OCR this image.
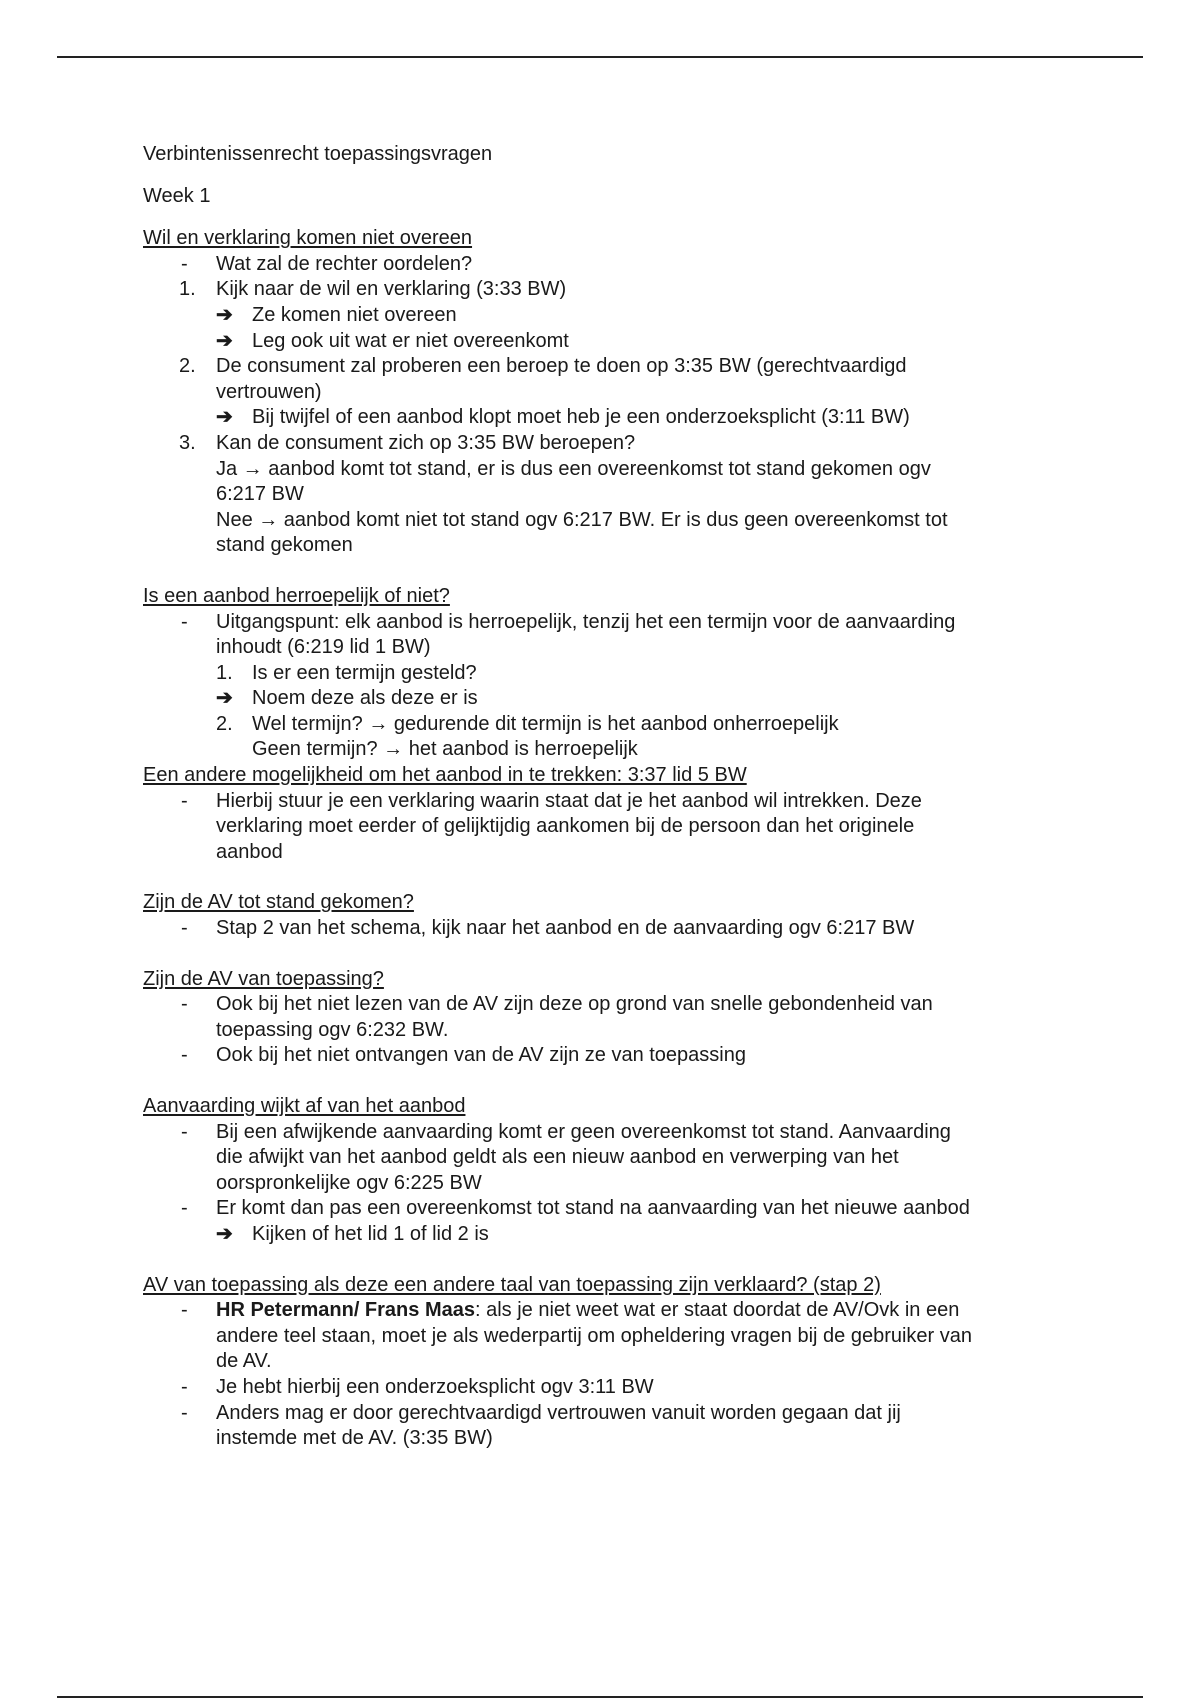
Verbintenissenrecht toepassingsvragen
Week 1
Wil en verklaring komen niet overeen
- Wat zal de rechter oordelen?
1. Kijk naar de wil en verklaring (3:33 BW)
➔ Ze komen niet overeen
➔ Leg ook uit wat er niet overeenkomt
2. De consument zal proberen een beroep te doen op 3:35 BW (gerechtvaardigd
vertrouwen)
➔ Bij twijfel of een aanbod klopt moet heb je een onderzoeksplicht (3:11 BW)
3. Kan de consument zich op 3:35 BW beroepen?
Ja → aanbod komt tot stand, er is dus een overeenkomst tot stand gekomen ogv
6:217 BW
Nee → aanbod komt niet tot stand ogv 6:217 BW. Er is dus geen overeenkomst tot
stand gekomen
Is een aanbod herroepelijk of niet?
- Uitgangspunt: elk aanbod is herroepelijk, tenzij het een termijn voor de aanvaarding
inhoudt (6:219 lid 1 BW)
1. Is er een termijn gesteld?
➔ Noem deze als deze er is
2. Wel termijn? → gedurende dit termijn is het aanbod onherroepelijk
Geen termijn? → het aanbod is herroepelijk
Een andere mogelijkheid om het aanbod in te trekken: 3:37 lid 5 BW
- Hierbij stuur je een verklaring waarin staat dat je het aanbod wil intrekken. Deze
verklaring moet eerder of gelijktijdig aankomen bij de persoon dan het originele
aanbod
Zijn de AV tot stand gekomen?
- Stap 2 van het schema, kijk naar het aanbod en de aanvaarding ogv 6:217 BW
Zijn de AV van toepassing?
- Ook bij het niet lezen van de AV zijn deze op grond van snelle gebondenheid van
toepassing ogv 6:232 BW.
- Ook bij het niet ontvangen van de AV zijn ze van toepassing
Aanvaarding wijkt af van het aanbod
- Bij een afwijkende aanvaarding komt er geen overeenkomst tot stand. Aanvaarding
die afwijkt van het aanbod geldt als een nieuw aanbod en verwerping van het
oorspronkelijke ogv 6:225 BW
- Er komt dan pas een overeenkomst tot stand na aanvaarding van het nieuwe aanbod
➔ Kijken of het lid 1 of lid 2 is
AV van toepassing als deze een andere taal van toepassing zijn verklaard? (stap 2)
- HR Petermann/ Frans Maas: als je niet weet wat er staat doordat de AV/Ovk in een
andere teel staan, moet je als wederpartij om opheldering vragen bij de gebruiker van
de AV.
- Je hebt hierbij een onderzoeksplicht ogv 3:11 BW
- Anders mag er door gerechtvaardigd vertrouwen vanuit worden gegaan dat jij
instemde met de AV. (3:35 BW)
